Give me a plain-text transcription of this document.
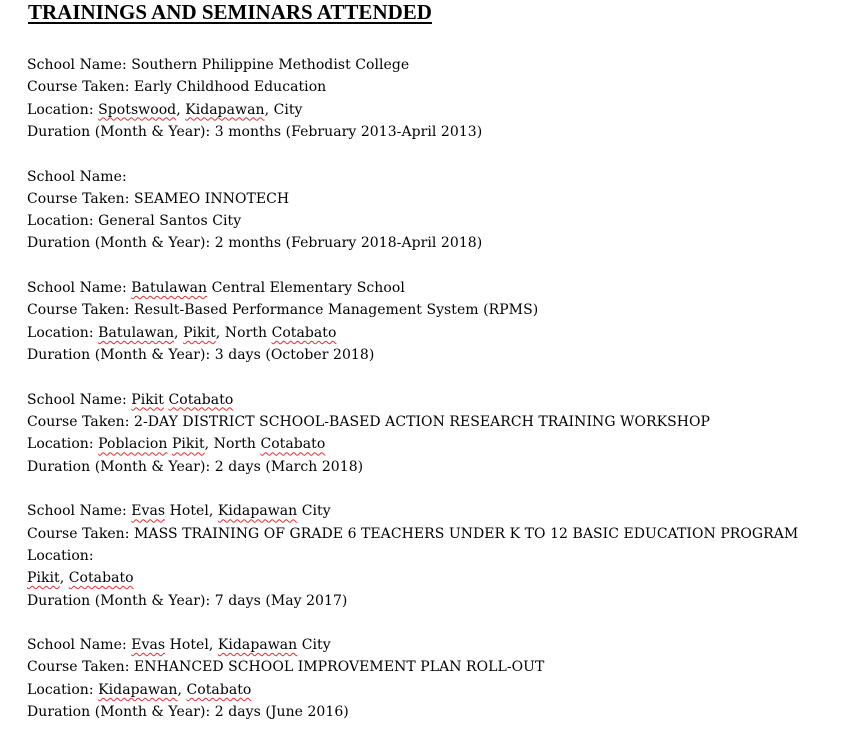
TRAININGS AND SEMINARS ATTENDED
School Name: Southern Philippine Methodist College
Course Taken: Early Childhood Education
Location: Spotswood, Kidapawan, City
Duration (Month & Year): 3 months (February 2013-April 2013)
School Name:
Course Taken: SEAMEO INNOTECH
Location: General Santos City
Duration (Month & Year): 2 months (February 2018-April 2018)
School Name: Batulawan Central Elementary School
Course Taken: Result-Based Performance Management System (RPMS)
Location: Batulawan, Pikit, North Cotabato
Duration (Month & Year): 3 days (October 2018)
School Name: Pikit Cotabato
Course Taken: 2-DAY DISTRICT SCHOOL-BASED ACTION RESEARCH TRAINING WORKSHOP
Location: Poblacion Pikit, North Cotabato
Duration (Month & Year): 2 days (March 2018)
School Name: Evas Hotel, Kidapawan City
Course Taken: MASS TRAINING OF GRADE 6 TEACHERS UNDER K TO 12 BASIC EDUCATION PROGRAMLocation:
Pikit, Cotabato
Duration (Month & Year): 7 days (May 2017)
School Name: Evas Hotel, Kidapawan City
Course Taken: ENHANCED SCHOOL IMPROVEMENT PLAN ROLL-OUT
Location: Kidapawan, Cotabato
Duration (Month & Year): 2 days (June 2016)
